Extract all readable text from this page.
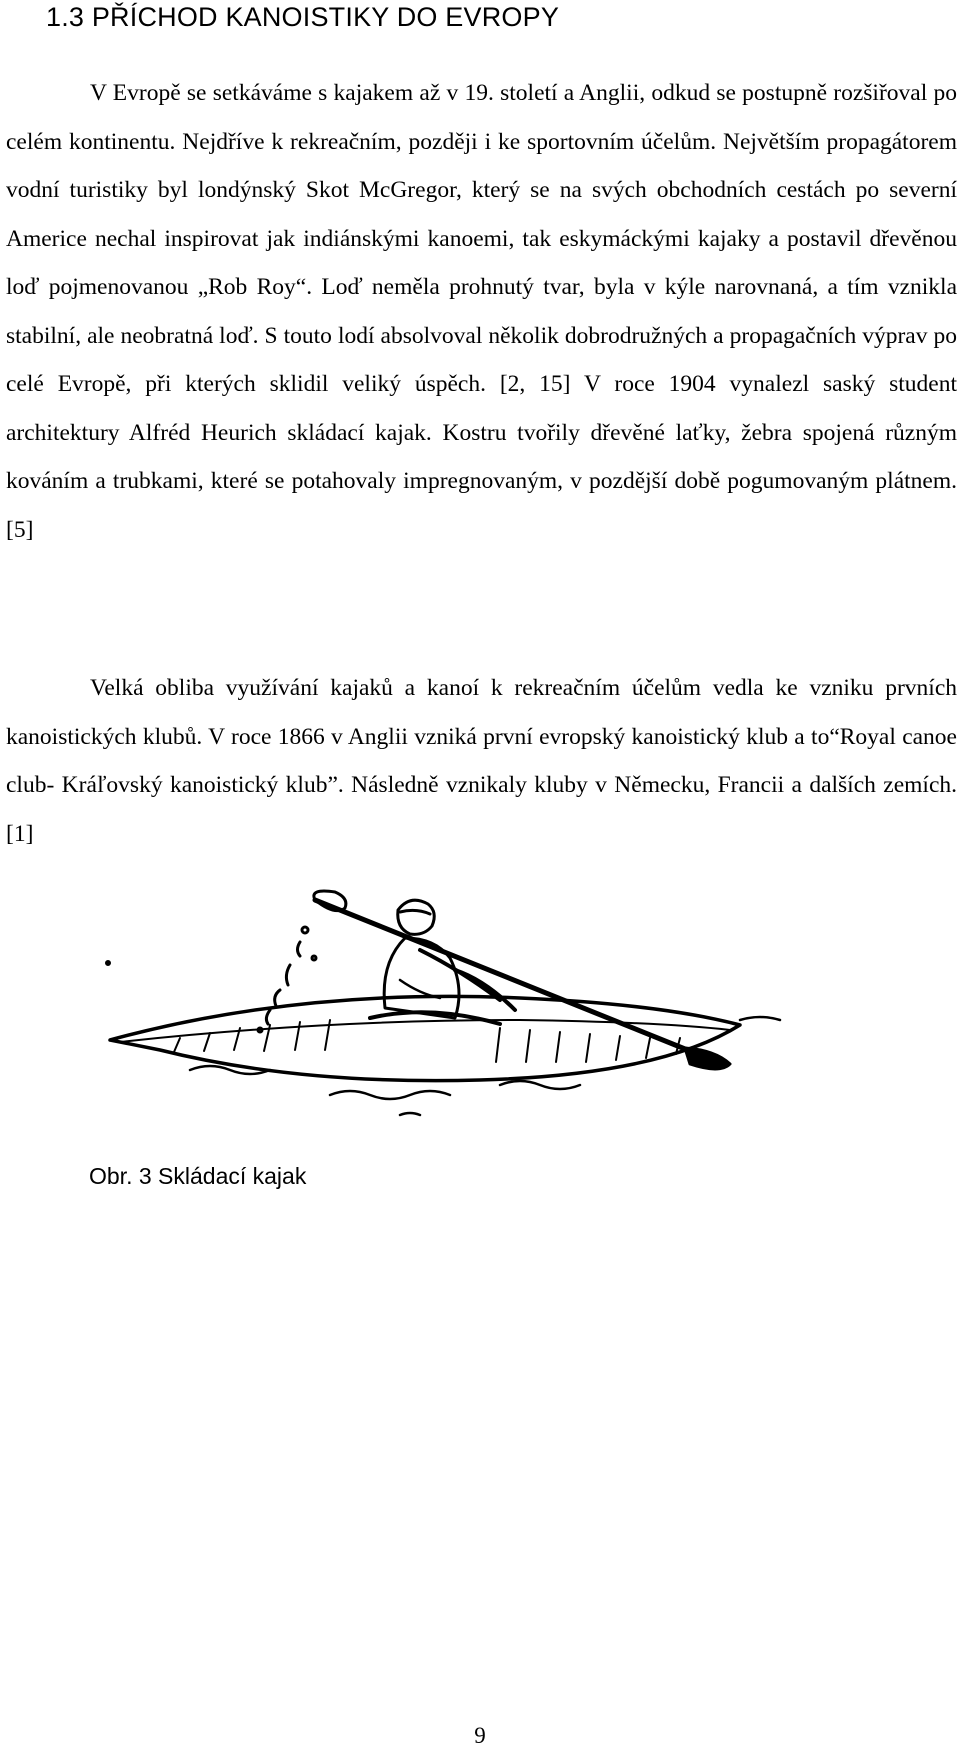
1.3 PŘÍCHOD KANOISTIKY DO EVROPY

V Evropě se setkáváme s kajakem až v 19. století a Anglii, odkud se postupně rozšiřoval po celém kontinentu. Nejdříve k rekreačním, později i ke sportovním účelům. Největším propagátorem vodní turistiky byl londýnský Skot McGregor, který se na svých obchodních cestách po severní Americe nechal inspirovat jak indiánskými kanoemi, tak eskymáckými kajaky a postavil dřevěnou loď pojmenovanou „Rob Roy“. Loď neměla prohnutý tvar, byla v kýle narovnaná, a tím vznikla stabilní, ale neobratná loď. S touto lodí absolvoval několik dobrodružných a propagačních výprav po celé Evropě, při kterých sklidil veliký úspěch. [2, 15] V roce 1904 vynalezl saský student architektury Alfréd Heurich skládací kajak. Kostru tvořily dřevěné laťky, žebra spojená různým kováním a trubkami, které se potahovaly impregnovaným, v pozdější době pogumovaným plátnem. [5]

Velká obliba využívání kajaků a kanoí k rekreačním účelům vedla ke vzniku prvních kanoistických klubů. V roce 1866 v Anglii vzniká první evropský kanoistický klub a to“Royal canoe club- Kráľovský kanoistický klub”. Následně vznikaly kluby v Německu, Francii a dalších zemích. [1]

Obr. 3 Skládací kajak

9
